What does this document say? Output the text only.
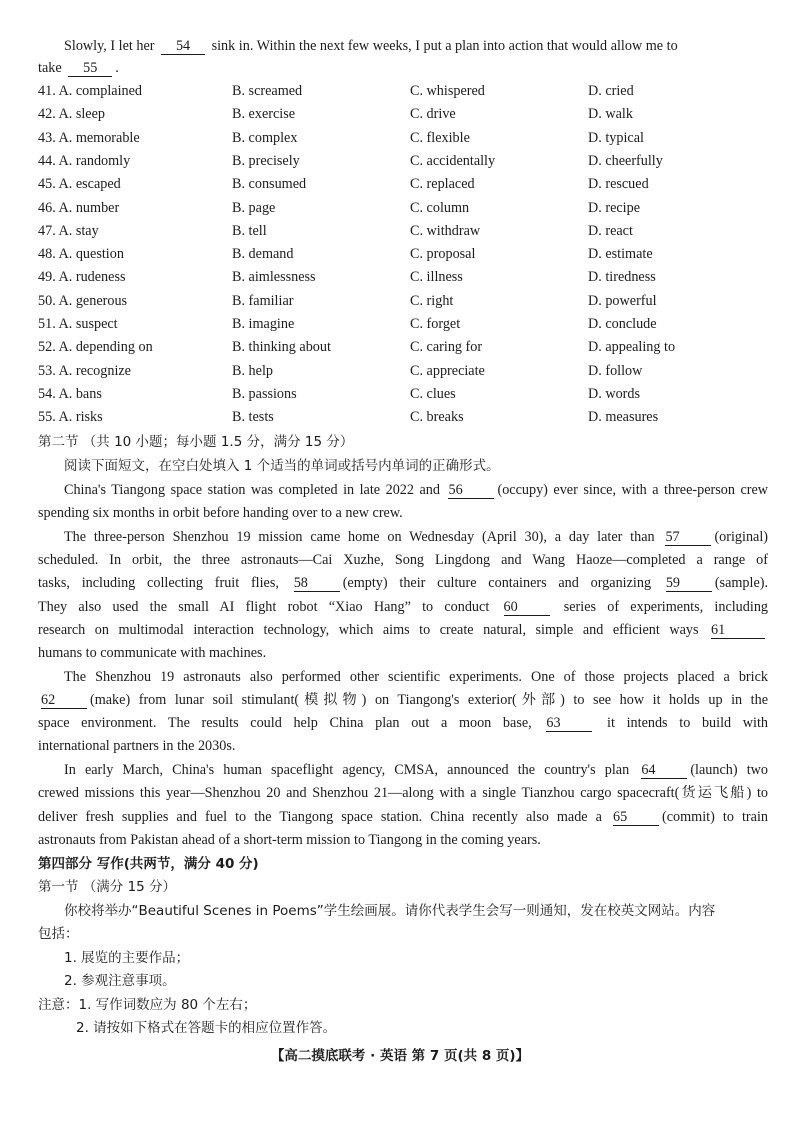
Slowly, I let her 54 sink in. Within the next few weeks, I put a plan into action that would allow me to
take 55 .
41. A. complained	B. screamed	C. whispered	D. cried
42. A. sleep	B. exercise	C. drive	D. walk
43. A. memorable	B. complex	C. flexible	D. typical
44. A. randomly	B. precisely	C. accidentally	D. cheerfully
45. A. escaped	B. consumed	C. replaced	D. rescued
46. A. number	B. page	C. column	D. recipe
47. A. stay	B. tell	C. withdraw	D. react
48. A. question	B. demand	C. proposal	D. estimate
49. A. rudeness	B. aimlessness	C. illness	D. tiredness
50. A. generous	B. familiar	C. right	D. powerful
51. A. suspect	B. imagine	C. forget	D. conclude
52. A. depending on	B. thinking about	C. caring for	D. appealing to
53. A. recognize	B. help	C. appreciate	D. follow
54. A. bans	B. passions	C. clues	D. words
55. A. risks	B. tests	C. breaks	D. measures
第二节 （共 10 小题；每小题 1.5 分，满分 15 分）
阅读下面短文，在空白处填入 1 个适当的单词或括号内单词的正确形式。
China's Tiangong space station was completed in late 2022 and 56 (occupy) ever since, with a three-person crew
spending six months in orbit before handing over to a new crew.
The three-person Shenzhou 19 mission came home on Wednesday (April 30), a day later than 57 (original)
scheduled. In orbit, the three astronauts—Cai Xuzhe, Song Lingdong and Wang Haoze—completed a range of
tasks, including collecting fruit flies, 58 (empty) their culture containers and organizing 59 (sample).
They also used the small AI flight robot “Xiao Hang” to conduct 60	series of experiments, including
research on multimodal interaction technology, which aims to create natural, simple and efficient ways 61
humans to communicate with machines.
The Shenzhou 19 astronauts also performed other scientific experiments. One of those projects placed a brick
62 (make) from lunar soil stimulant(模拟物) on Tiangong's exterior(外部) to see how it holds up in the
space environment. The results could help China plan out a moon base, 63	it intends to build with
international partners in the 2030s.
In early March, China's human spaceflight agency, CMSA, announced the country's plan 64 (launch) two
crewed missions this year—Shenzhou 20 and Shenzhou 21—along with a single Tianzhou cargo spacecraft(货运飞船) to
deliver fresh supplies and fuel to the Tiangong space station. China recently also made a 65 (commit) to train
astronauts from Pakistan ahead of a short-term mission to Tiangong in the coming years.
第四部分 写作(共两节，满分 40 分)
第一节 （满分 15 分）
你校将举办“Beautiful Scenes in Poems”学生绘画展。请你代表学生会写一则通知，发在校英文网站。内容
包括：
1. 展览的主要作品；
2. 参观注意事项。
注意：1. 写作词数应为 80 个左右；
2. 请按如下格式在答题卡的相应位置作答。
【高二摸底联考 · 英语 第 7 页(共 8 页)】
